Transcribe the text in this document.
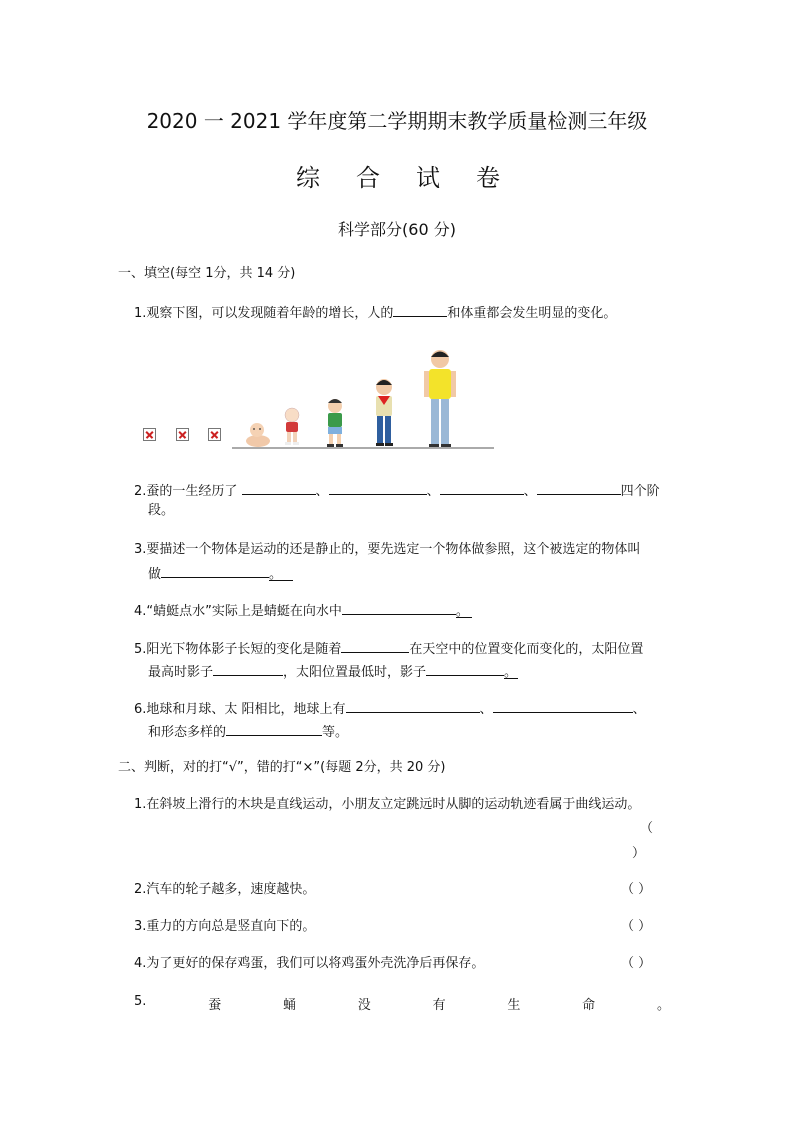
2020 一 2021 学年度第二学期期末教学质量检测三年级
综 合 试 卷
科学部分(60 分)
一、填空(每空 1分，共 14 分)
1.观察下图，可以发现随着年龄的增长，人的	和体重都会发生明显的变化。
2.蚕的一生经历了	、	、	、	四个阶
段。
3.要描述一个物体是运动的还是静止的，要先选定一个物体做参照，这个被选定的物体叫
做	。
4.“蜻蜓点水”实际上是蜻蜓在向水中	。
5.阳光下物体影子长短的变化是随着	在天空中的位置变化而变化的，太阳位置
最高时影子	，太阳位置最低时，影子	。
6.地球和月球、太 阳相比，地球上有	、	、
和形态多样的	等。
二、判断，对的打“√”，错的打“×”(每题 2分，共 20 分)
1.在斜坡上滑行的木块是直线运动，小朋友立定跳远时从脚的运动轨迹看属于曲线运动。
（
）
2.汽车的轮子越多，速度越快。	（ ）
3.重力的方向总是竖直向下的。	（ ）
4.为了更好的保存鸡蛋，我们可以将鸡蛋外壳洗净后再保存。	（ ）
5.	蚕	蛹	没	有	生	命	。
